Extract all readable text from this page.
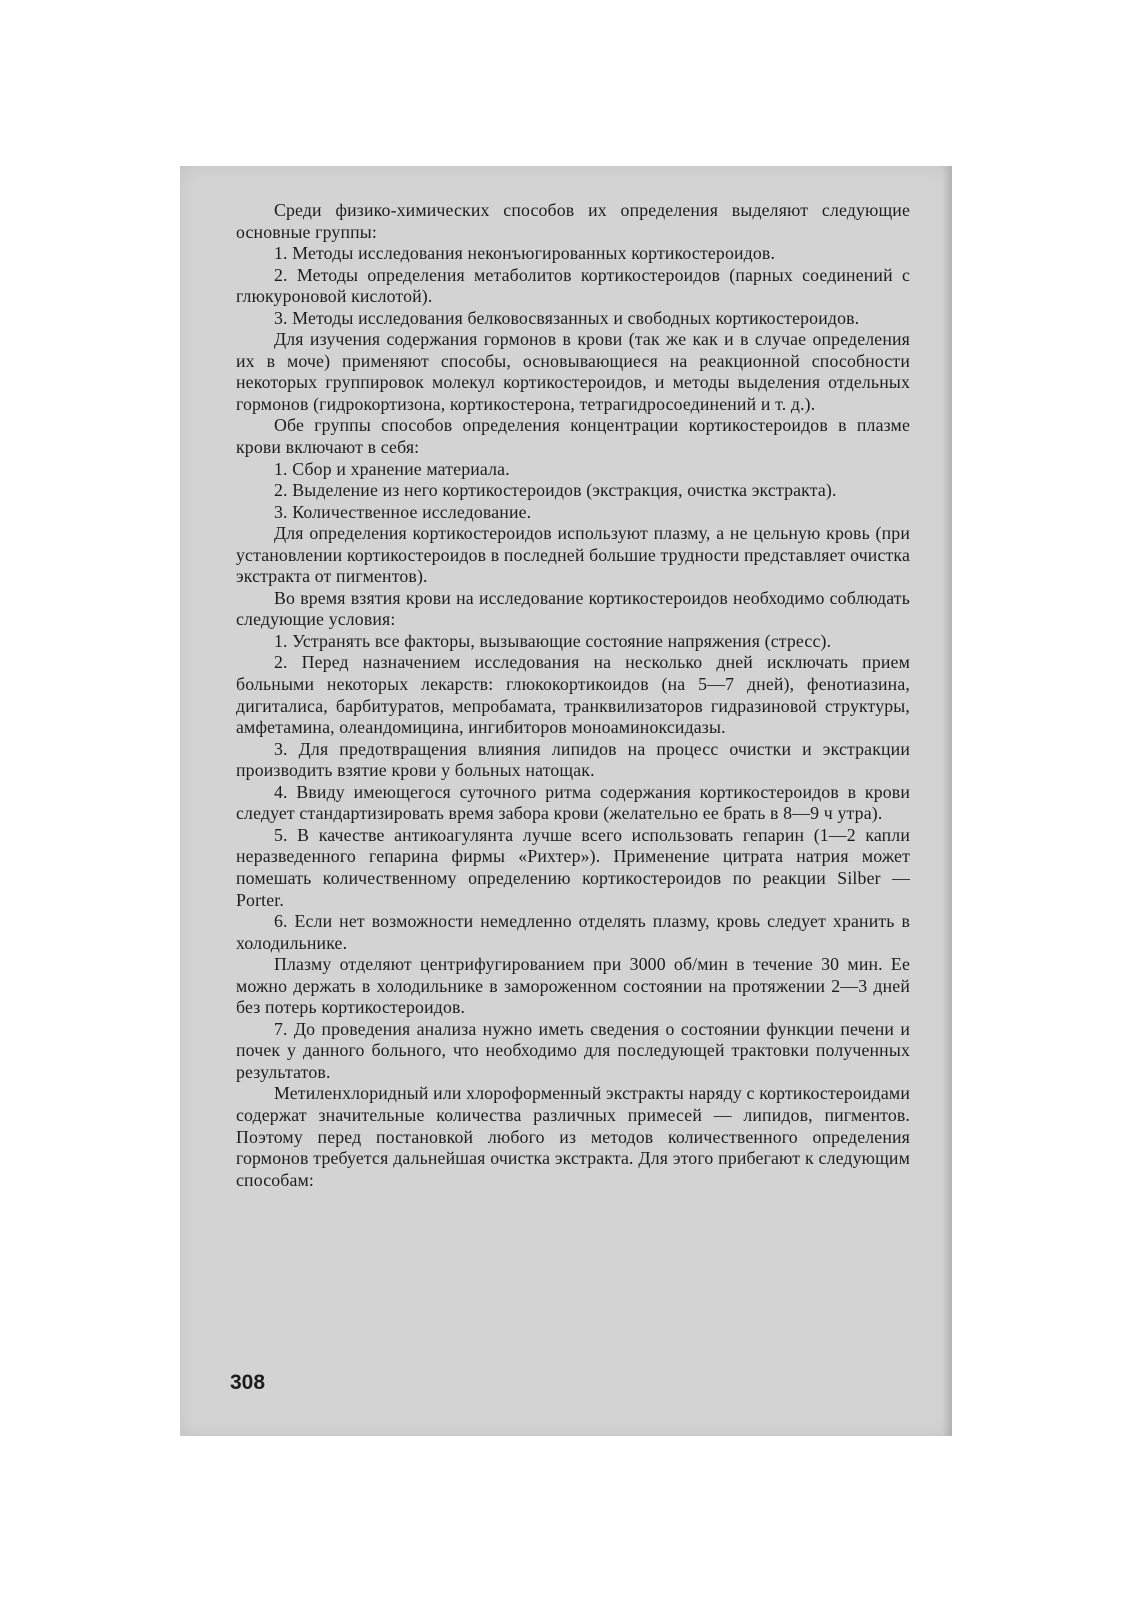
Среди физико-химических способов их определения выделяют следующие основные группы:

1. Методы исследования неконъюгированных кортикостероидов.

2. Методы определения метаболитов кортикостероидов (парных соединений с глюкуроновой кислотой).

3. Методы исследования белковосвязанных и свободных кортикостероидов.

Для изучения содержания гормонов в крови (так же как и в случае определения их в моче) применяют способы, основывающиеся на реакционной способности некоторых группировок молекул кортикостероидов, и методы выделения отдельных гормонов (гидрокортизона, кортикостерона, тетрагидросоединений и т. д.).

Обе группы способов определения концентрации кортикостероидов в плазме крови включают в себя:

1. Сбор и хранение материала.

2. Выделение из него кортикостероидов (экстракция, очистка экстракта).

3. Количественное исследование.

Для определения кортикостероидов используют плазму, а не цельную кровь (при установлении кортикостероидов в последней большие трудности представляет очистка экстракта от пигментов).

Во время взятия крови на исследование кортикостероидов необходимо соблюдать следующие условия:

1. Устранять все факторы, вызывающие состояние напряжения (стресс).

2. Перед назначением исследования на несколько дней исключать прием больными некоторых лекарств: глюкокортикоидов (на 5—7 дней), фенотиазина, дигиталиса, барбитуратов, мепробамата, транквилизаторов гидразиновой структуры, амфетамина, олеандомицина, ингибиторов моноаминоксидазы.

3. Для предотвращения влияния липидов на процесс очистки и экстракции производить взятие крови у больных натощак.

4. Ввиду имеющегося суточного ритма содержания кортикостероидов в крови следует стандартизировать время забора крови (желательно ее брать в 8—9 ч утра).

5. В качестве антикоагулянта лучше всего использовать гепарин (1—2 капли неразведенного гепарина фирмы «Рихтер»). Применение цитрата натрия может помешать количественному определению кортикостероидов по реакции Silber — Porter.

6. Если нет возможности немедленно отделять плазму, кровь следует хранить в холодильнике.

Плазму отделяют центрифугированием при 3000 об/мин в течение 30 мин. Ее можно держать в холодильнике в замороженном состоянии на протяжении 2—3 дней без потерь кортикостероидов.

7. До проведения анализа нужно иметь сведения о состоянии функции печени и почек у данного больного, что необходимо для последующей трактовки полученных результатов.

Метиленхлоридный или хлороформенный экстракты наряду с кортикостероидами содержат значительные количества различных примесей — липидов, пигментов. Поэтому перед постановкой любого из методов количественного определения гормонов требуется дальнейшая очистка экстракта. Для этого прибегают к следующим способам:

308
